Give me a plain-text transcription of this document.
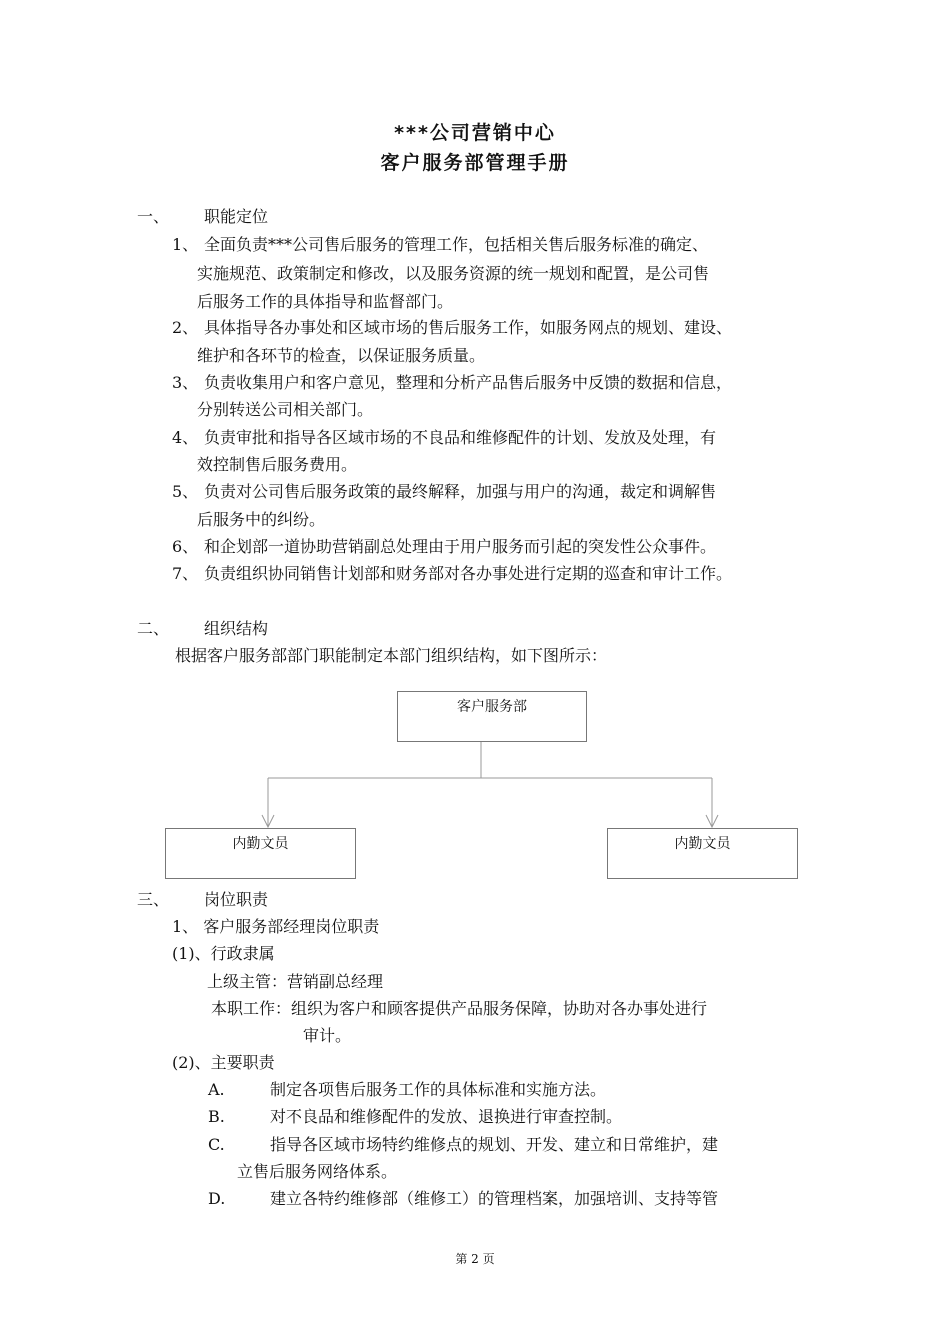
***公司营销中心
客户服务部管理手册
一、 职能定位
1、 全面负责***公司售后服务的管理工作，包括相关售后服务标准的确定、
实施规范、政策制定和修改，以及服务资源的统一规划和配置，是公司售
后服务工作的具体指导和监督部门。
2、 具体指导各办事处和区域市场的售后服务工作，如服务网点的规划、建设、
维护和各环节的检查，以保证服务质量。
3、 负责收集用户和客户意见，整理和分析产品售后服务中反馈的数据和信息，
分别转送公司相关部门。
4、 负责审批和指导各区域市场的不良品和维修配件的计划、发放及处理，有
效控制售后服务费用。
5、 负责对公司售后服务政策的最终解释，加强与用户的沟通，裁定和调解售
后服务中的纠纷。
6、 和企划部一道协助营销副总处理由于用户服务而引起的突发性公众事件。
7、 负责组织协同销售计划部和财务部对各办事处进行定期的巡查和审计工作。
二、 组织结构
根据客户服务部部门职能制定本部门组织结构，如下图所示：
客户服务部
内勤文员	内勤文员
三、 岗位职责
1、 客户服务部经理岗位职责
(1)、行政隶属
上级主管：营销副总经理
本职工作：组织为客户和顾客提供产品服务保障，协助对各办事处进行
审计。
(2)、主要职责
A.	制定各项售后服务工作的具体标准和实施方法。
B.	对不良品和维修配件的发放、退换进行审查控制。
C.	指导各区域市场特约维修点的规划、开发、建立和日常维护，建
立售后服务网络体系。
D.	建立各特约维修部（维修工）的管理档案，加强培训、支持等管
第 2 页
